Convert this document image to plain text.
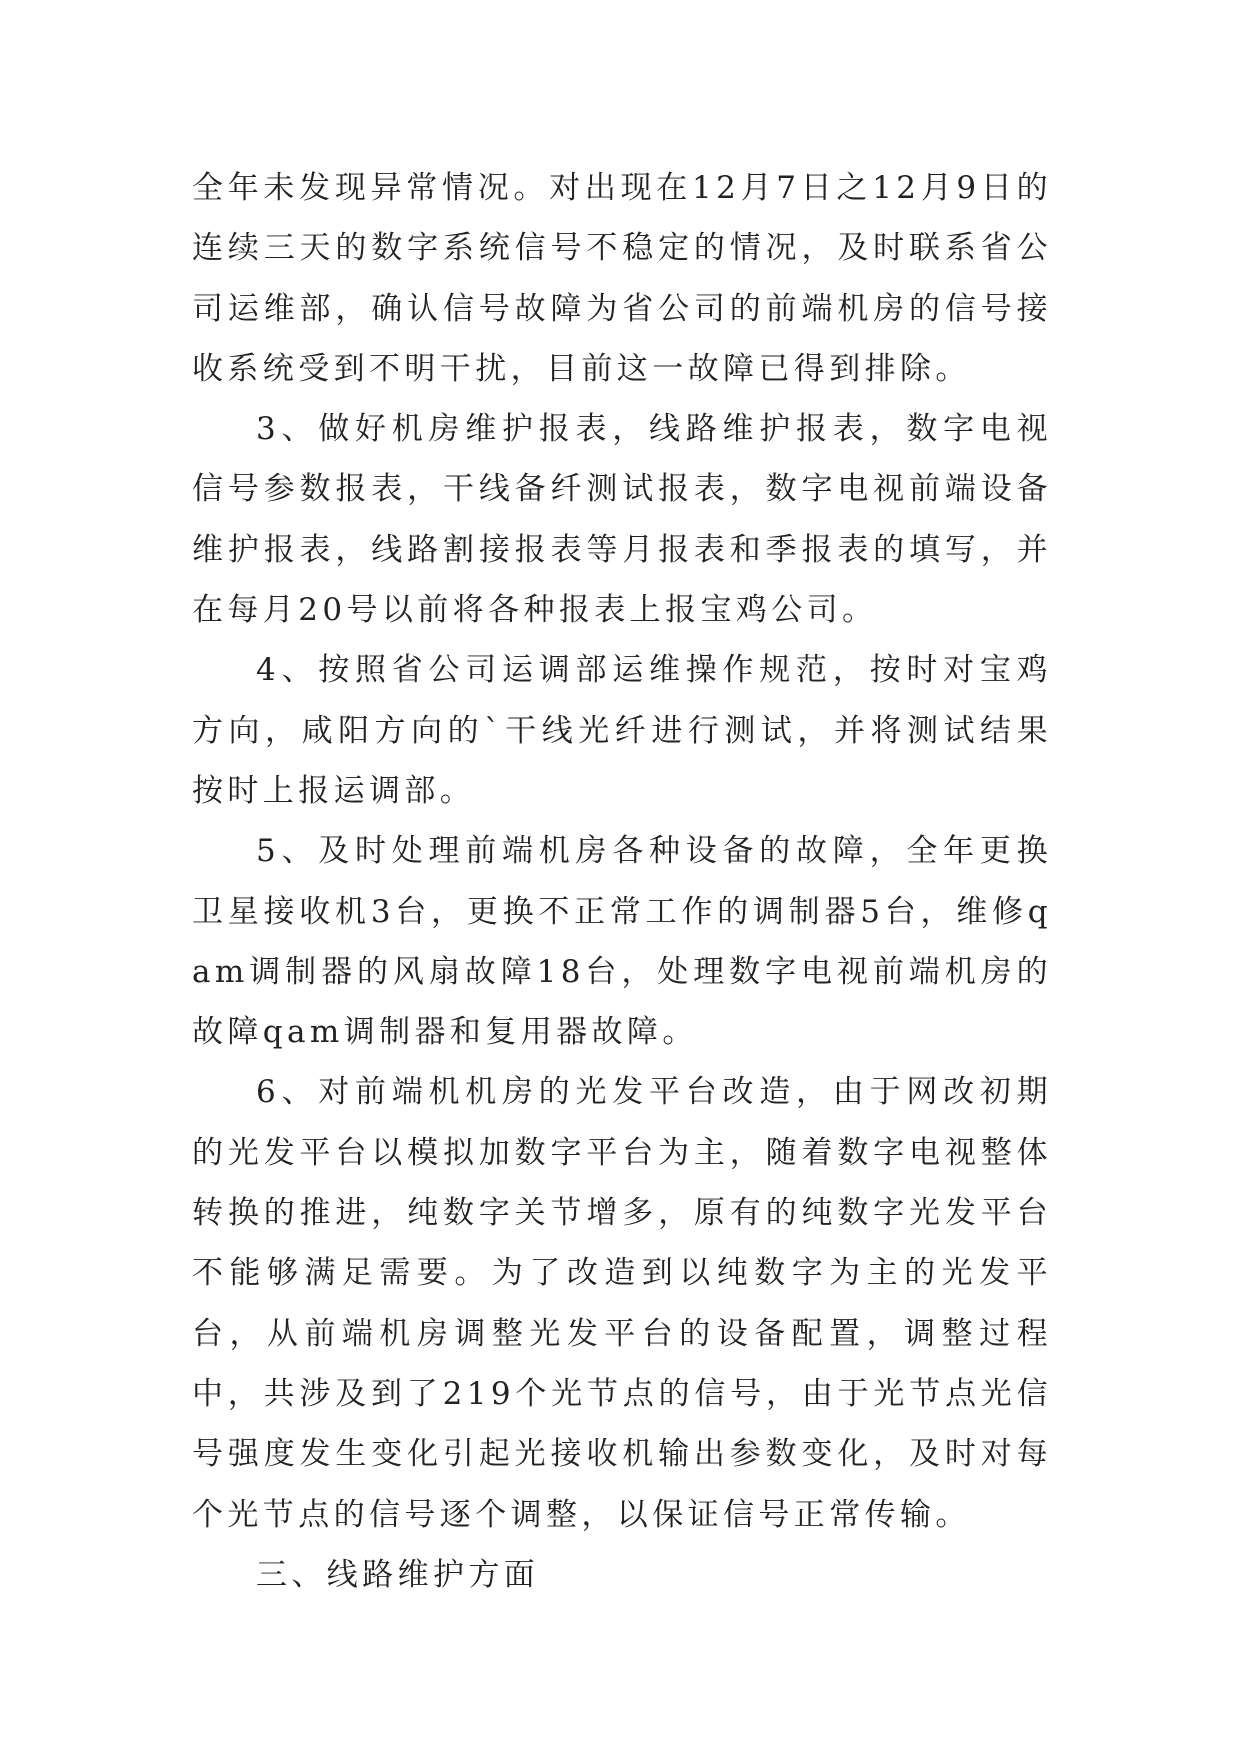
全年未发现异常情况。对出现在12月7日之12月9日的连续三天的数字系统信号不稳定的情况，及时联系省公司运维部，确认信号故障为省公司的前端机房的信号接收系统受到不明干扰，目前这一故障已得到排除。

3、做好机房维护报表，线路维护报表，数字电视信号参数报表，干线备纤测试报表，数字电视前端设备维护报表，线路割接报表等月报表和季报表的填写，并在每月20号以前将各种报表上报宝鸡公司。

4、按照省公司运调部运维操作规范，按时对宝鸡方向，咸阳方向的`干线光纤进行测试，并将测试结果按时上报运调部。

5、及时处理前端机房各种设备的故障，全年更换卫星接收机3台，更换不正常工作的调制器5台，维修qam调制器的风扇故障18台，处理数字电视前端机房的故障qam调制器和复用器故障。

6、对前端机机房的光发平台改造，由于网改初期的光发平台以模拟加数字平台为主，随着数字电视整体转换的推进，纯数字关节增多，原有的纯数字光发平台不能够满足需要。为了改造到以纯数字为主的光发平台，从前端机房调整光发平台的设备配置，调整过程中，共涉及到了219个光节点的信号，由于光节点光信号强度发生变化引起光接收机输出参数变化，及时对每个光节点的信号逐个调整，以保证信号正常传输。

三、线路维护方面
